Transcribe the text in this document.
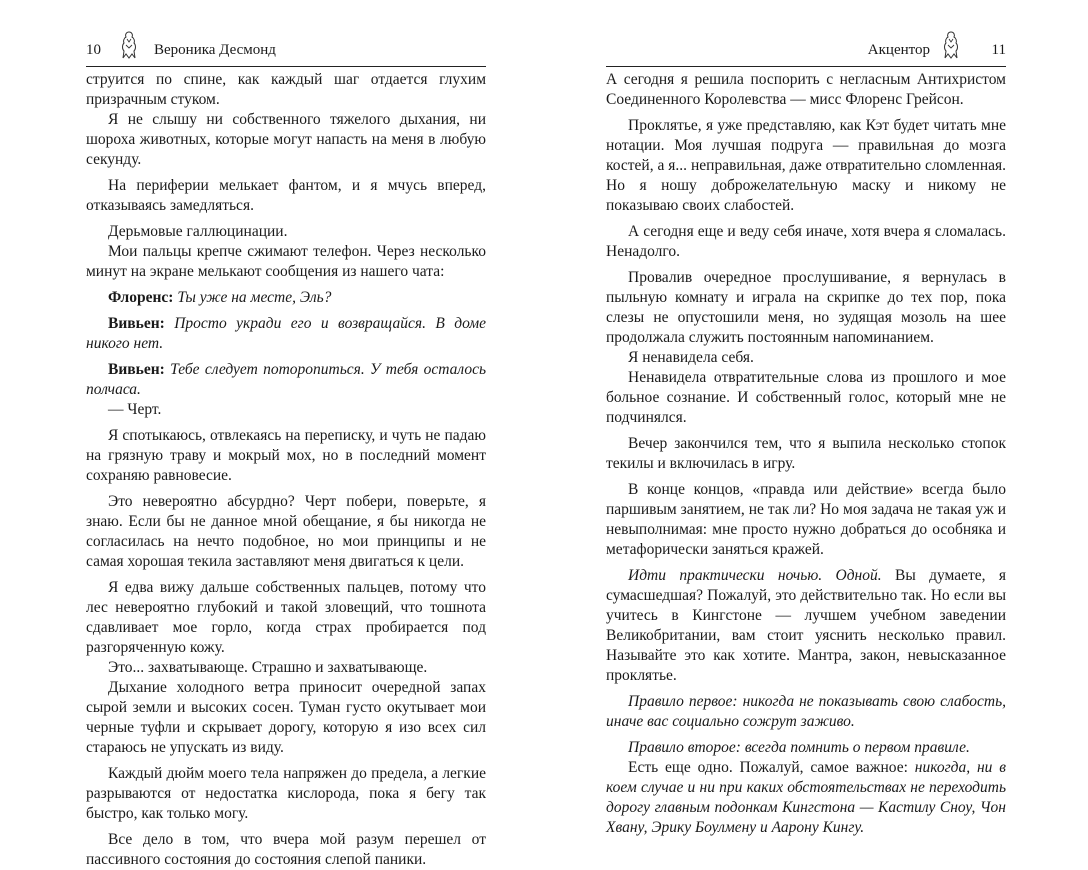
10	Вероника Десмонд

струится по спине, как каждый шаг отдается глухим призрачным стуком.

Я не слышу ни собственного тяжелого дыхания, ни шороха животных, которые могут напасть на меня в любую секунду.

На периферии мелькает фантом, и я мчусь вперед, отказываясь замедляться.

Дерьмовые галлюцинации.

Мои пальцы крепче сжимают телефон. Через несколько минут на экране мелькают сообщения из нашего чата:

Флоренс: Ты уже на месте, Эль?

Вивьен: Просто укради его и возвращайся. В доме никого нет.

Вивьен: Тебе следует поторопиться. У тебя осталось полчаса.

— Черт.

Я спотыкаюсь, отвлекаясь на переписку, и чуть не падаю на грязную траву и мокрый мох, но в последний момент сохраняю равновесие.

Это невероятно абсурдно? Черт побери, поверьте, я знаю. Если бы не данное мной обещание, я бы никогда не согласилась на нечто подобное, но мои принципы и не самая хорошая текила заставляют меня двигаться к цели.

Я едва вижу дальше собственных пальцев, потому что лес невероятно глубокий и такой зловещий, что тошнота сдавливает мое горло, когда страх пробирается под разгоряченную кожу.

Это... захватывающе. Страшно и захватывающе.

Дыхание холодного ветра приносит очередной запах сырой земли и высоких сосен. Туман густо окутывает мои черные туфли и скрывает дорогу, которую я изо всех сил стараюсь не упускать из виду.

Каждый дюйм моего тела напряжен до предела, а легкие разрываются от недостатка кислорода, пока я бегу так быстро, как только могу.

Все дело в том, что вчера мой разум перешел от пассивного состояния до состояния слепой паники.

Акцентор	11

А сегодня я решила поспорить с негласным Антихристом Соединенного Королевства — мисс Флоренс Грейсон.

Проклятье, я уже представляю, как Кэт будет читать мне нотации. Моя лучшая подруга — правильная до мозга костей, а я... неправильная, даже отвратительно сломленная. Но я ношу доброжелательную маску и никому не показываю своих слабостей.

А сегодня еще и веду себя иначе, хотя вчера я сломалась. Ненадолго.

Провалив очередное прослушивание, я вернулась в пыльную комнату и играла на скрипке до тех пор, пока слезы не опустошили меня, но зудящая мозоль на шее продолжала служить постоянным напоминанием.

Я ненавидела себя.

Ненавидела отвратительные слова из прошлого и мое больное сознание. И собственный голос, который мне не подчинялся.

Вечер закончился тем, что я выпила несколько стопок текилы и включилась в игру.

В конце концов, «правда или действие» всегда было паршивым занятием, не так ли? Но моя задача не такая уж и невыполнимая: мне просто нужно добраться до особняка и метафорически заняться кражей.

Идти практически ночью. Одной. Вы думаете, я сумасшедшая? Пожалуй, это действительно так. Но если вы учитесь в Кингстоне — лучшем учебном заведении Великобритании, вам стоит уяснить несколько правил. Называйте это как хотите. Мантра, закон, невысказанное проклятье.

Правило первое: никогда не показывать свою слабость, иначе вас социально сожрут заживо.

Правило второе: всегда помнить о первом правиле.

Есть еще одно. Пожалуй, самое важное: никогда, ни в коем случае и ни при каких обстоятельствах не переходить дорогу главным подонкам Кингстона — Кастилу Сноу, Чон Хвану, Эрику Боулмену и Аарону Кингу.
